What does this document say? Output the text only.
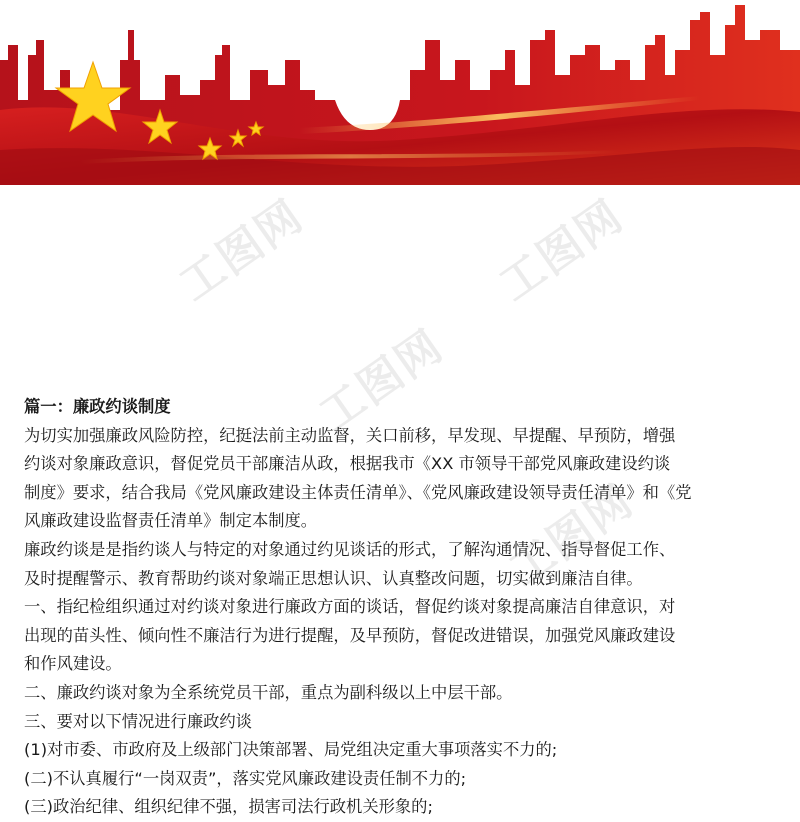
工图网	工图网
工图网
工图网

篇一：廉政约谈制度

为切实加强廉政风险防控，纪挺法前主动监督，关口前移，早发现、早提醒、早预防，增强

约谈对象廉政意识，督促党员干部廉洁从政，根据我市《XX 市领导干部党风廉政建设约谈

制度》要求，结合我局《党风廉政建设主体责任清单》、《党风廉政建设领导责任清单》和《党

风廉政建设监督责任清单》制定本制度。

廉政约谈是是指约谈人与特定的对象通过约见谈话的形式，了解沟通情况、指导督促工作、

及时提醒警示、教育帮助约谈对象端正思想认识、认真整改问题，切实做到廉洁自律。

一、指纪检组织通过对约谈对象进行廉政方面的谈话，督促约谈对象提高廉洁自律意识，对

出现的苗头性、倾向性不廉洁行为进行提醒，及早预防，督促改进错误，加强党风廉政建设

和作风建设。

二、廉政约谈对象为全系统党员干部，重点为副科级以上中层干部。

三、要对以下情况进行廉政约谈

(1)对市委、市政府及上级部门决策部署、局党组决定重大事项落实不力的;

(二)不认真履行“一岗双责”，落实党风廉政建设责任制不力的;

(三)政治纪律、组织纪律不强，损害司法行政机关形象的;
